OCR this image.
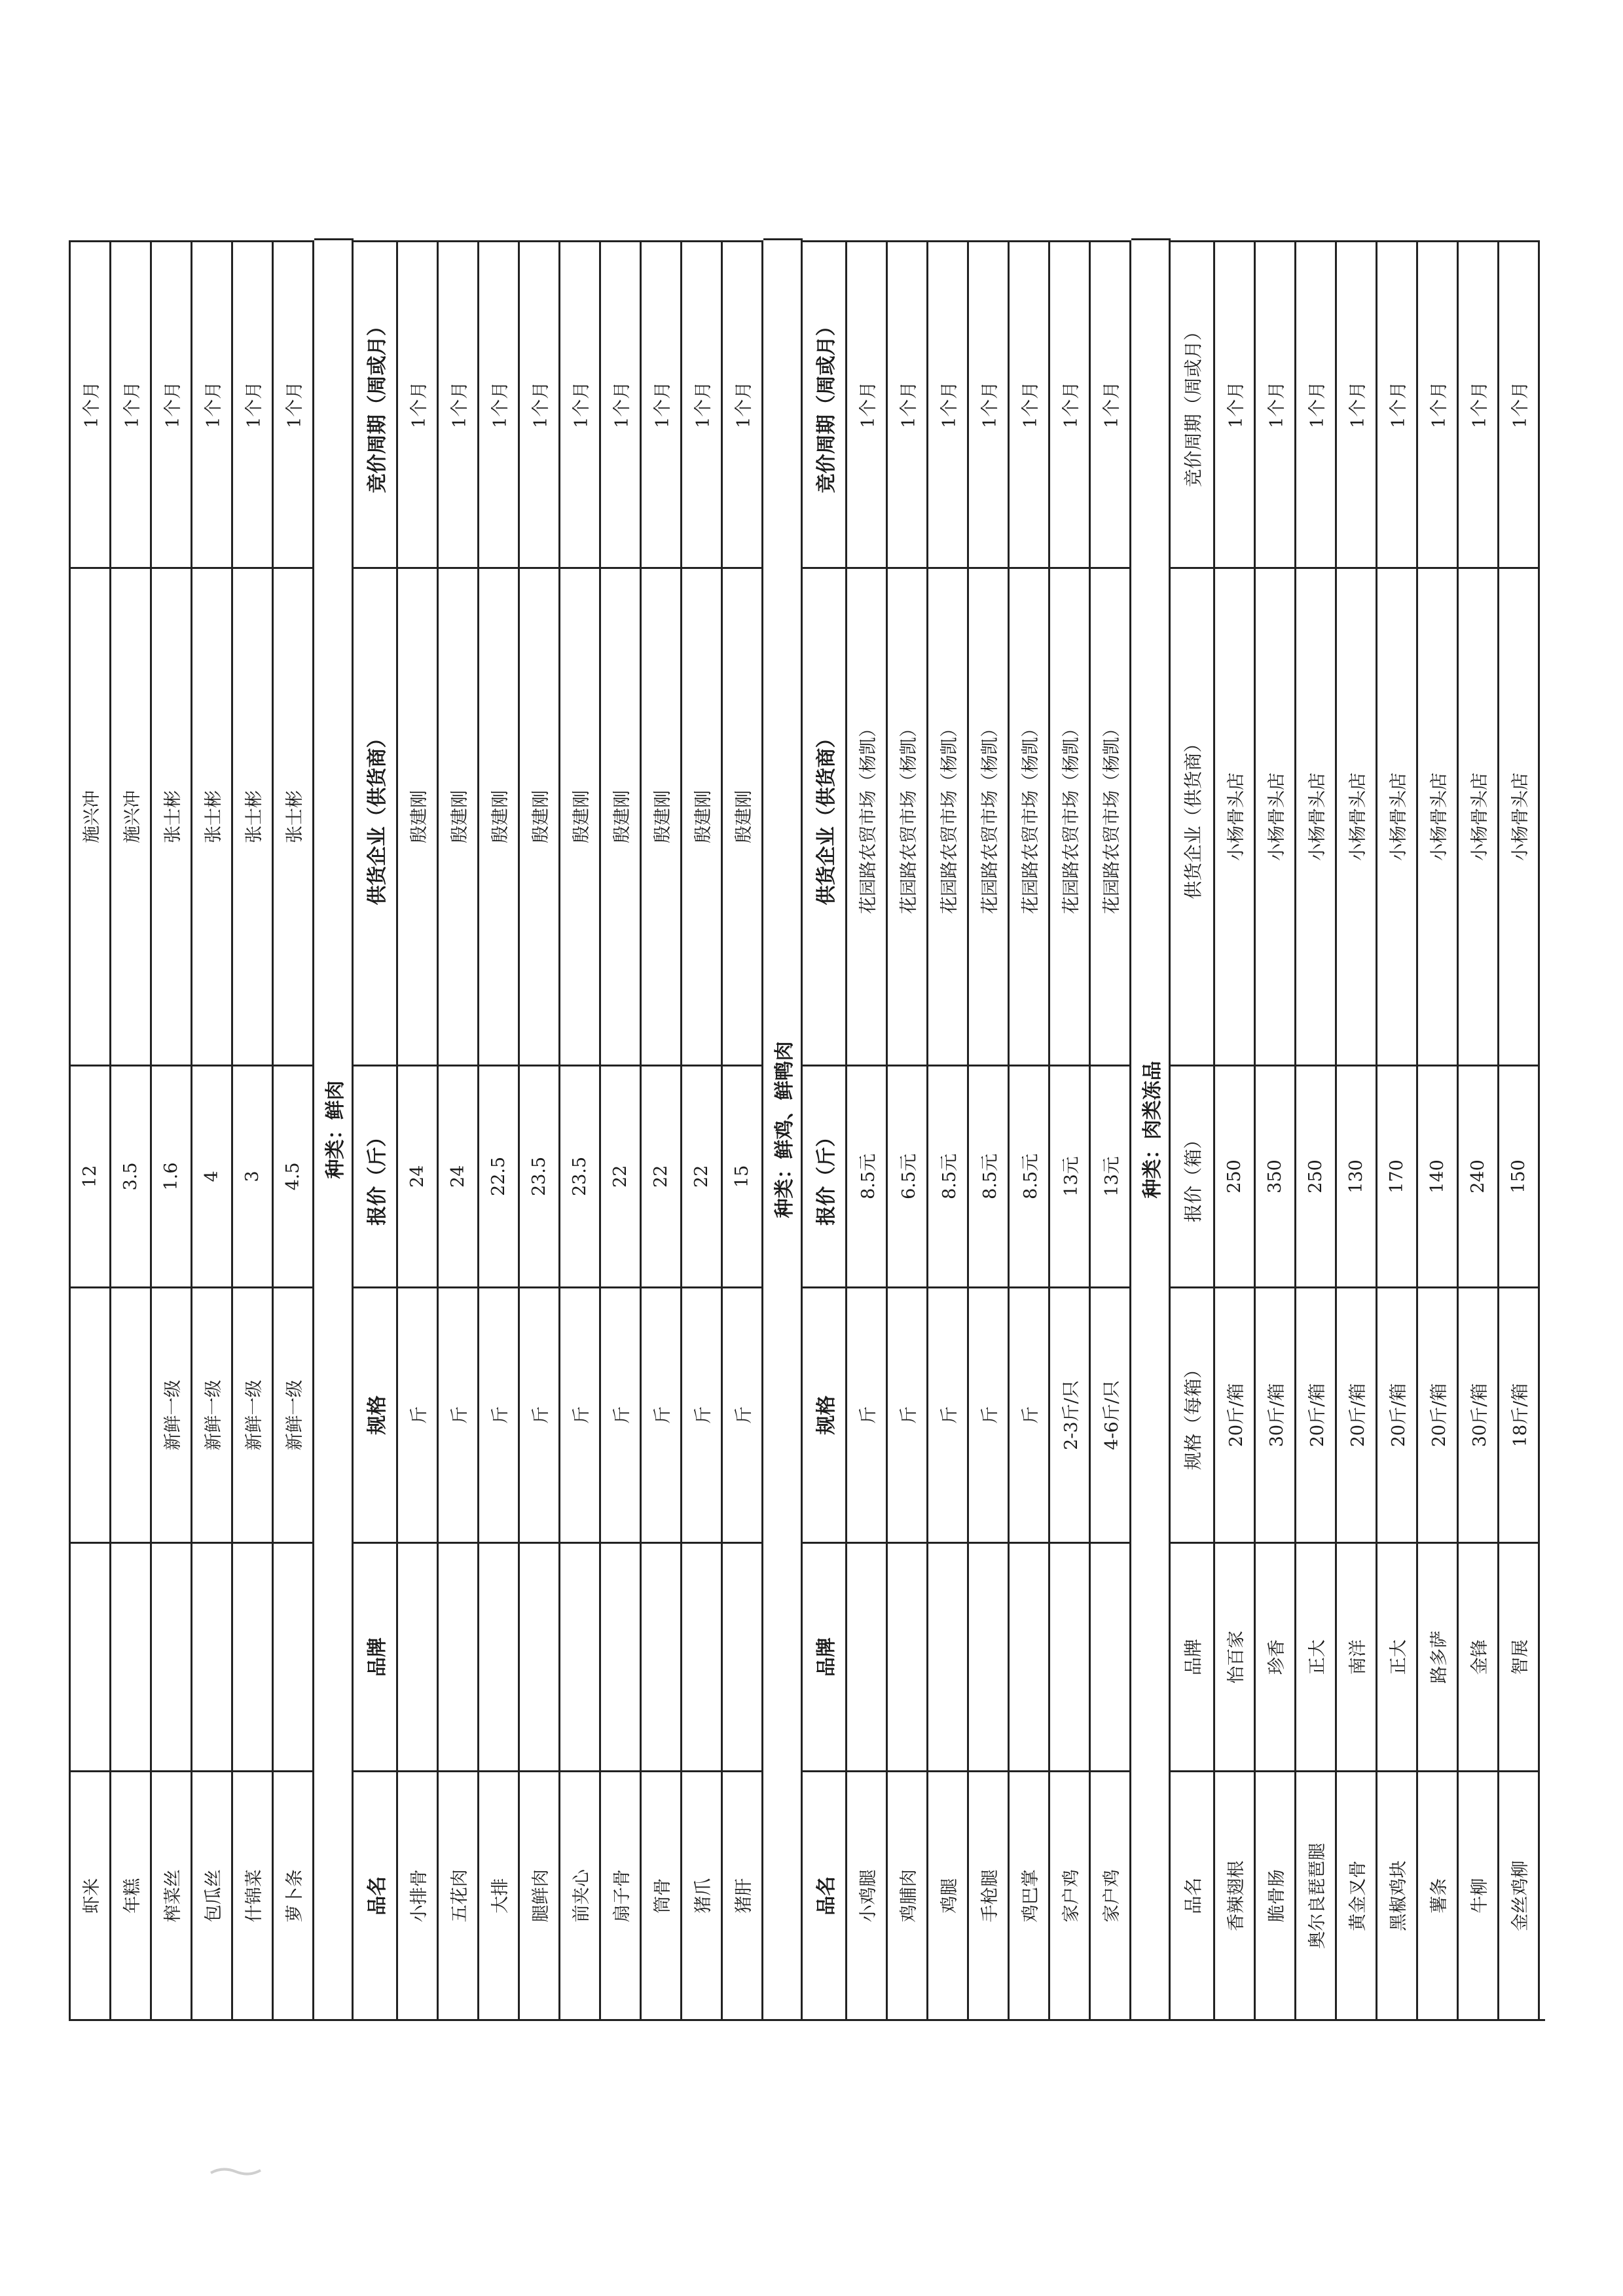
虾米
12
施兴冲
1个月
年糕
3.5
施兴冲
1个月
榨菜丝
新鲜一级
1.6
张士彬
1个月
包瓜丝
新鲜一级
4
张士彬
1个月
什锦菜
新鲜一级
3
张士彬
1个月
萝卜条
新鲜一级
4.5
张士彬
1个月
种类：鲜肉
品名
品牌
规格
报价（斤）
供货企业（供货商）
竞价周期（周或月）
小排骨
斤
24
殷建刚
1个月
五花肉
斤
24
殷建刚
1个月
大排
斤
22.5
殷建刚
1个月
腿鲜肉
斤
23.5
殷建刚
1个月
前夹心
斤
23.5
殷建刚
1个月
扇子骨
斤
22
殷建刚
1个月
筒骨
斤
22
殷建刚
1个月
猪爪
斤
22
殷建刚
1个月
猪肝
斤
15
殷建刚
1个月
种类：鲜鸡、鲜鸭肉
品名
品牌
规格
报价（斤）
供货企业（供货商）
竞价周期（周或月）
小鸡腿
斤
8.5元
花园路农贸市场（杨凯）
1个月
鸡脯肉
斤
6.5元
花园路农贸市场（杨凯）
1个月
鸡腿
斤
8.5元
花园路农贸市场（杨凯）
1个月
手枪腿
斤
8.5元
花园路农贸市场（杨凯）
1个月
鸡巴掌
斤
8.5元
花园路农贸市场（杨凯）
1个月
家户鸡
2-3斤/只
13元
花园路农贸市场（杨凯）
1个月
家户鸡
4-6斤/只
13元
花园路农贸市场（杨凯）
1个月
种类：肉类冻品
品名
品牌
规格（每箱）
报价（箱）
供货企业（供货商）
竞价周期（周或月）
香辣翅根
怡百家
20斤/箱
250
小杨骨头店
1个月
脆骨肠
珍香
30斤/箱
350
小杨骨头店
1个月
奥尔良琵琶腿
正大
20斤/箱
250
小杨骨头店
1个月
黄金叉骨
南洋
20斤/箱
130
小杨骨头店
1个月
黑椒鸡块
正大
20斤/箱
170
小杨骨头店
1个月
薯条
路多萨
20斤/箱
140
小杨骨头店
1个月
牛柳
金锋
30斤/箱
240
小杨骨头店
1个月
金丝鸡柳
智展
18斤/箱
150
小杨骨头店
1个月
